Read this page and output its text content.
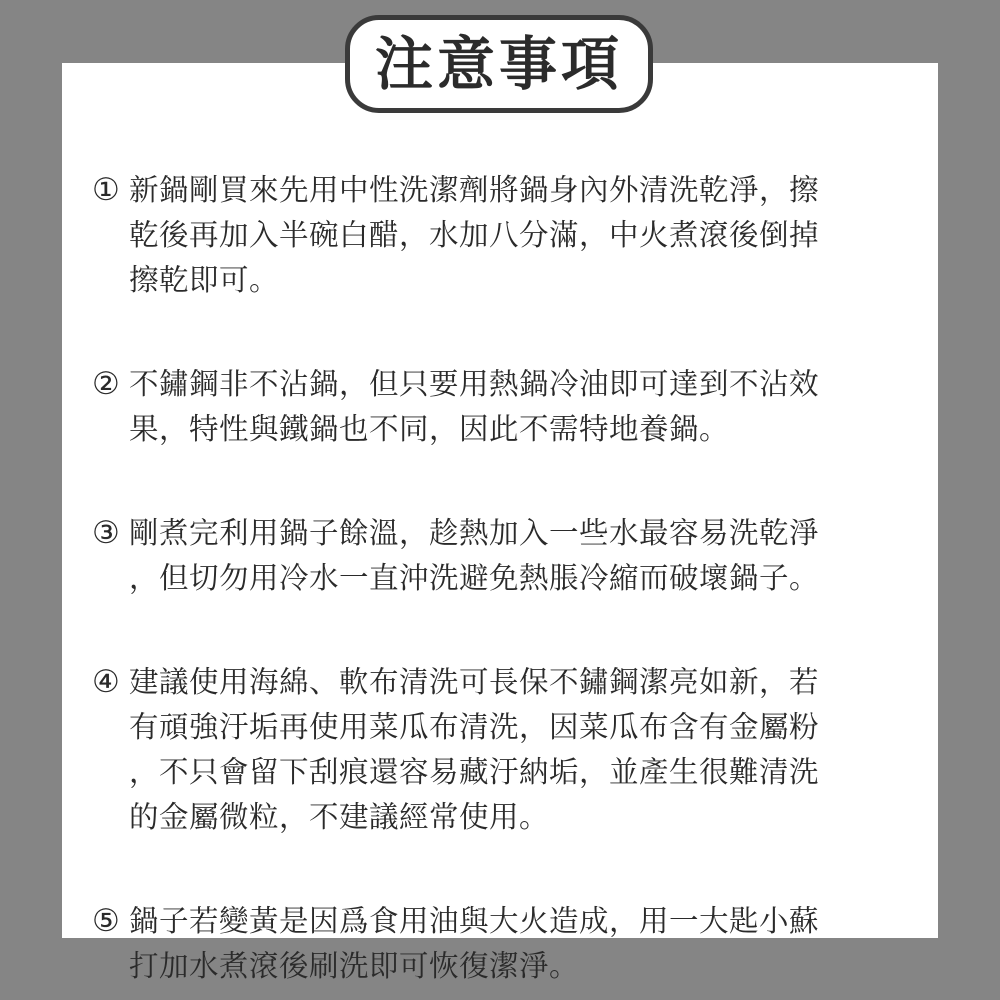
注意事項
① 新鍋剛買來先用中性洗潔劑將鍋身內外清洗乾淨，擦
乾後再加入半碗白醋，水加八分滿，中火煮滾後倒掉
擦乾即可。
② 不鏽鋼非不沾鍋，但只要用熱鍋冷油即可達到不沾效
果，特性與鐵鍋也不同，因此不需特地養鍋。
③ 剛煮完利用鍋子餘溫，趁熱加入一些水最容易洗乾淨
，但切勿用冷水一直沖洗避免熱脹冷縮而破壞鍋子。
④ 建議使用海綿、軟布清洗可長保不鏽鋼潔亮如新，若
有頑強汙垢再使用菜瓜布清洗，因菜瓜布含有金屬粉
，不只會留下刮痕還容易藏汙納垢，並產生很難清洗
的金屬微粒，不建議經常使用。
⑤ 鍋子若變黃是因爲食用油與大火造成，用一大匙小蘇
打加水煮滾後刷洗即可恢復潔淨。
